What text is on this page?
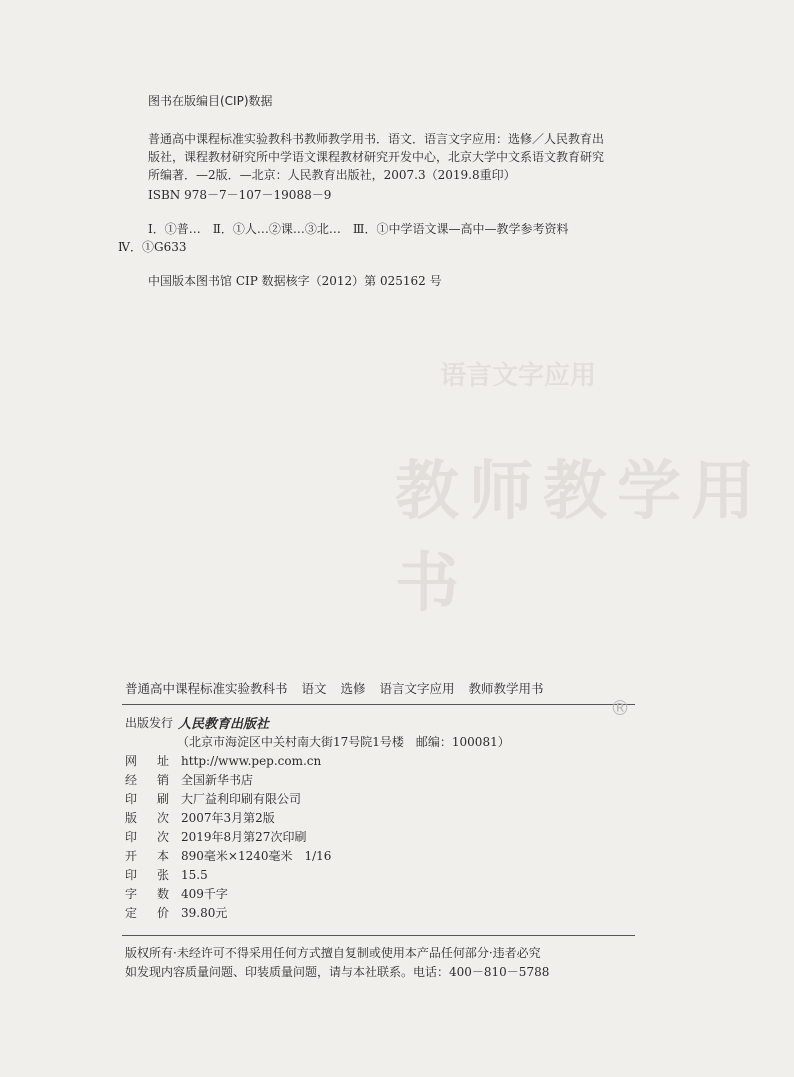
语言文字应用
教师教学用书
图书在版编目(CIP)数据

普通高中课程标准实验教科书教师教学用书．语文．语言文字应用：选修／人民教育出版社，课程教材研究所中学语文课程教材研究开发中心，北京大学中文系语文教育研究所编著．—2版．—北京：人民教育出版社，2007.3（2019.8重印）

ISBN 978－7－107－19088－9
Ⅰ．①普…　Ⅱ．①人…②课…③北…　Ⅲ．①中学语文课—高中—教学参考资料
Ⅳ．①G633
中国版本图书馆 CIP 数据核字（2012）第 025162 号
普通高中课程标准实验教科书 语文 选修 语言文字应用 教师教学用书
®
出版发行 人民教育出版社
（北京市海淀区中关村南大街17号院1号楼　邮编：100081）
网 址 http://www.pep.com.cn
经 销 全国新华书店
印 刷 大厂益利印刷有限公司
版 次 2007年3月第2版
印 次 2019年8月第27次印刷
开 本 890毫米×1240毫米　1/16
印 张 15.5
字 数 409千字
定 价 39.80元
版权所有·未经许可不得采用任何方式擅自复制或使用本产品任何部分·违者必究
如发现内容质量问题、印装质量问题，请与本社联系。电话：400－810－5788
